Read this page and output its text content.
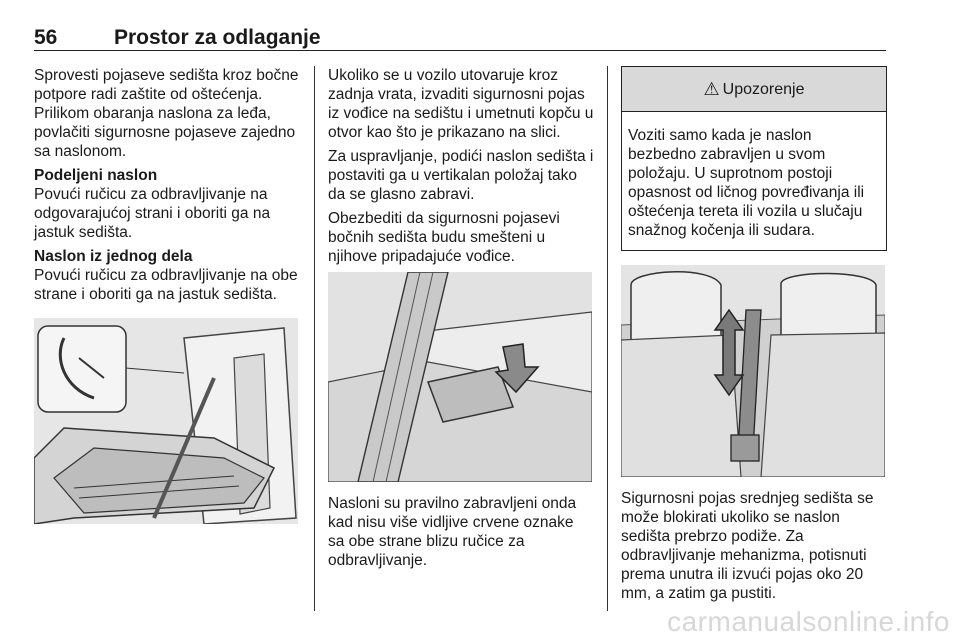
56	Prostor za odlaganje

Sprovesti pojaseve sedišta kroz bočne potpore radi zaštite od oštećenja. Prilikom obaranja naslona za leđa, povlačiti sigurnosne pojaseve zajedno sa naslonom.

Podeljeni naslon

Povući ručicu za odbravljivanje na odgovarajućoj strani i oboriti ga na jastuk sedišta.

Naslon iz jednog dela

Povući ručicu za odbravljivanje na obe strane i oboriti ga na jastuk sedišta.

Ukoliko se u vozilo utovaruje kroz zadnja vrata, izvaditi sigurnosni pojas iz vođice na sedištu i umetnuti kopču u otvor kao što je prikazano na slici.

Za uspravljanje, podići naslon sedišta i postaviti ga u vertikalan položaj tako da se glasno zabravi.

Obezbediti da sigurnosni pojasevi bočnih sedišta budu smešteni u njihove pripadajuće vođice.

Nasloni su pravilno zabravljeni onda kad nisu više vidljive crvene oznake sa obe strane blizu ručice za odbravljivanje.

⚠ Upozorenje
Voziti samo kada je naslon bezbedno zabravljen u svom položaju. U suprotnom postoji opasnost od ličnog povređivanja ili oštećenja tereta ili vozila u slučaju snažnog kočenja ili sudara.

Sigurnosni pojas srednjeg sedišta se može blokirati ukoliko se naslon sedišta prebrzo podiže. Za odbravljivanje mehanizma, potisnuti prema unutra ili izvući pojas oko 20 mm, a zatim ga pustiti.

carmanualsonline.info
